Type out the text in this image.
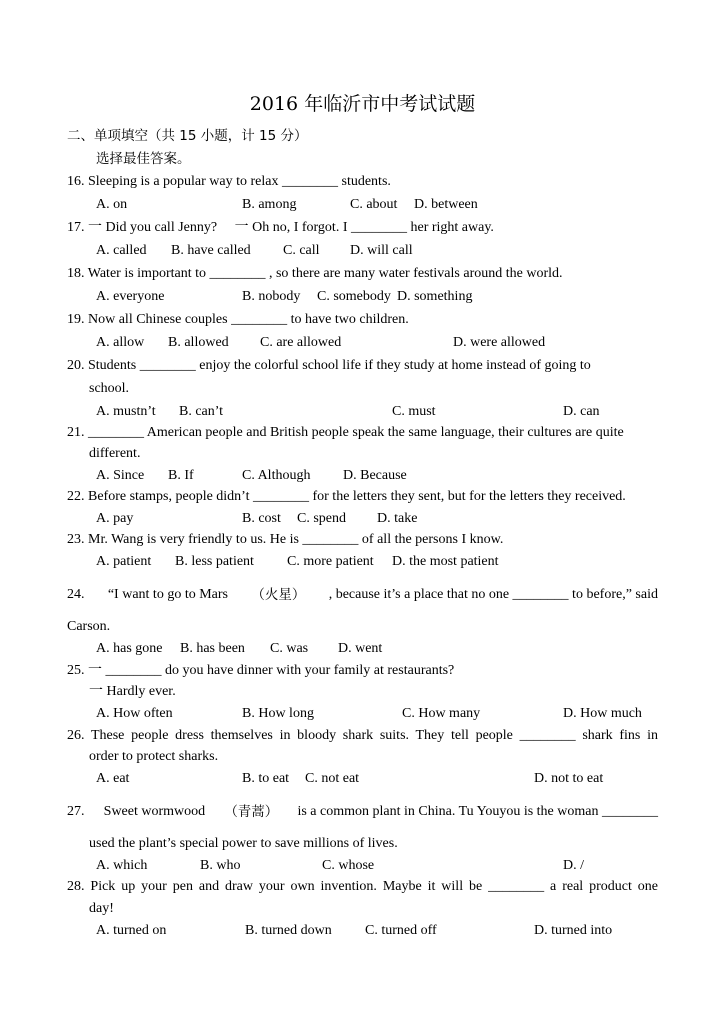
2016 年临沂市中考试试题
二、单项填空（共 15 小题，计 15 分）
选择最佳答案。
16. Sleeping is a popular way to relax ________ students.
A. on	B. among	C. about D. between
17. 一 Did you call Jenny?　 一 Oh no, I forgot. I ________ her right away.
A. called B. have called C. call D. will call
18. Water is important to ________ , so there are many water festivals around the world.
A. everyone	B. nobody C. somebody D. something
19. Now all Chinese couples ________ to have two children.
A. allow B. allowed C. are allowed	D. were allowed
20. Students ________ enjoy the colorful school life if they study at home instead of going to
school.
A. mustn’t B. can’t	C. must	D. can
21. ________ American people and British people speak the same language, their cultures are quite
different.
A. Since B. If	C. Although D. Because
22. Before stamps, people didn’t ________ for the letters they sent, but for the letters they received.
A. pay	B. cost C. spend D. take
23. Mr. Wang is very friendly to us. He is ________ of all the persons I know.
A. patient B. less patient C. more patient D. the most patient
24. “I want to go to Mars （火星） , because it’s a place that no one ________ to before,” said
Carson.
A. has gone B. has been C. was D. went
25. 一 ________ do you have dinner with your family at restaurants?
一 Hardly ever.
A. How often	B. How long	C. How many	D. How much
26. These people dress themselves in bloody shark suits. They tell people ________ shark fins in
order to protect sharks.
A. eat	B. to eat C. not eat	D. not to eat
27. Sweet wormwood （青蒿） is a common plant in China. Tu Youyou is the woman ________
used the plant’s special power to save millions of lives.
A. which	B. who	C. whose	D. /
28. Pick up your pen and draw your own invention. Maybe it will be ________ a real product one
day!
A. turned on	B. turned down C. turned off	D. turned into
